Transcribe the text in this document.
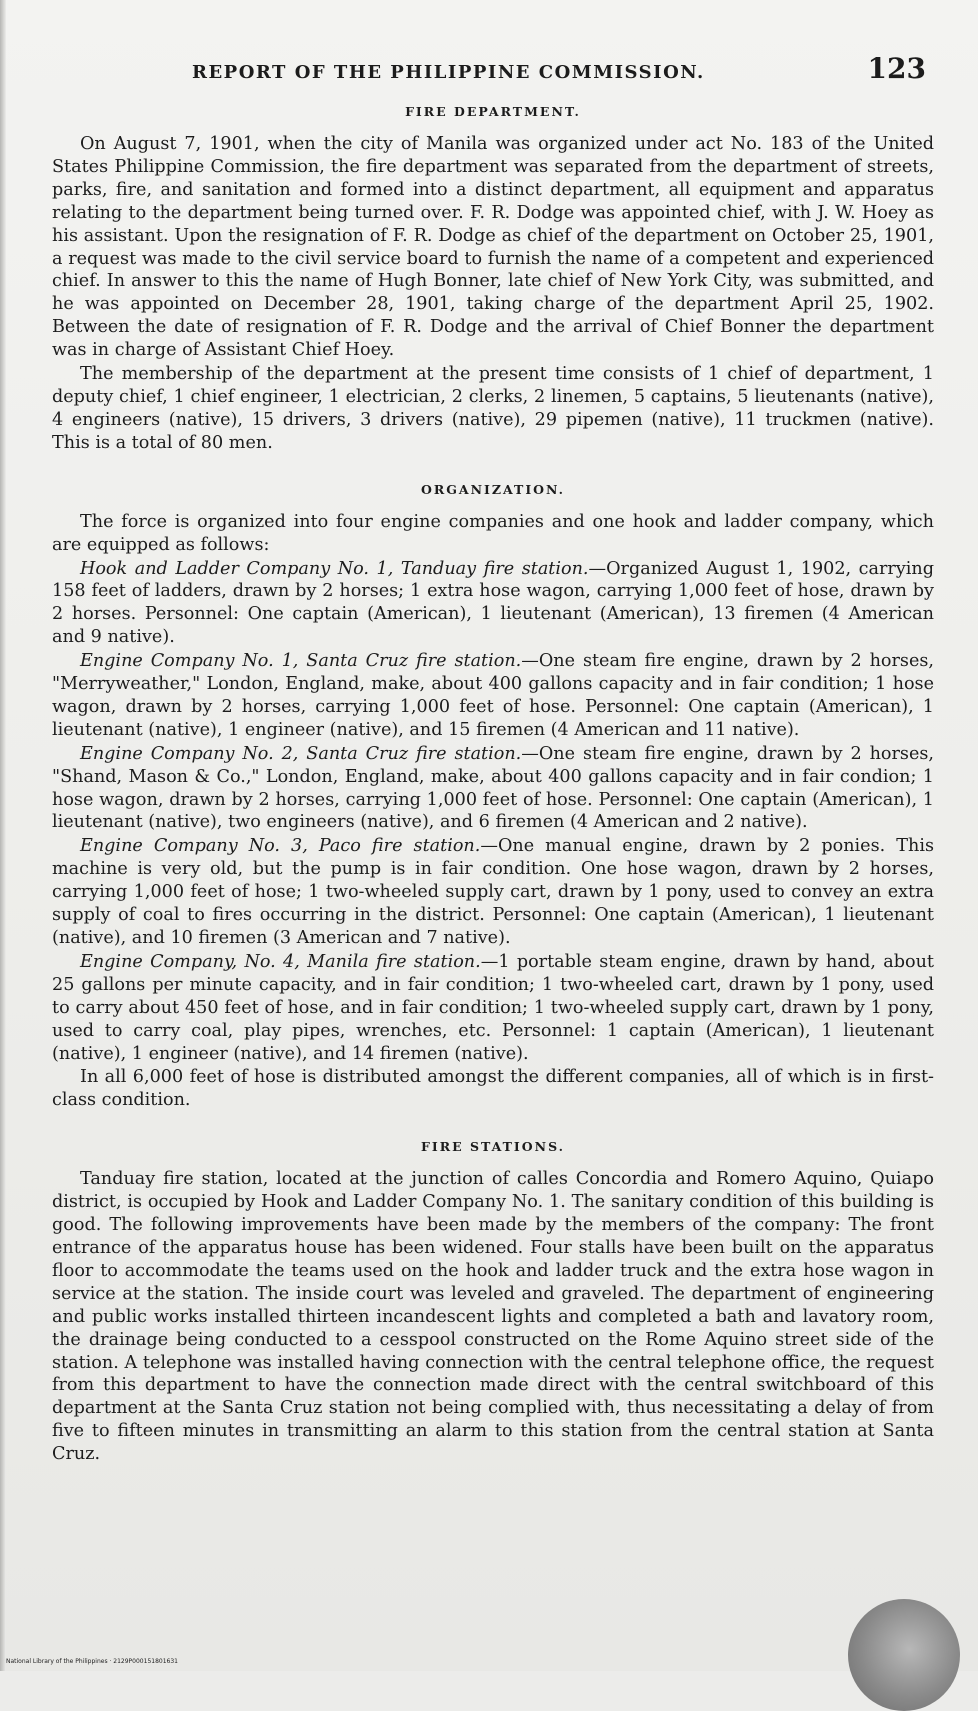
REPORT OF THE PHILIPPINE COMMISSION.	123
FIRE DEPARTMENT.

On August 7, 1901, when the city of Manila was organized under act No. 183 of the United States Philippine Commission, the fire department was separated from the department of streets, parks, fire, and sanitation and formed into a distinct department, all equipment and apparatus relating to the department being turned over. F. R. Dodge was appointed chief, with J. W. Hoey as his assistant. Upon the resignation of F. R. Dodge as chief of the department on October 25, 1901, a request was made to the civil service board to furnish the name of a competent and experienced chief. In answer to this the name of Hugh Bonner, late chief of New York City, was submitted, and he was appointed on December 28, 1901, taking charge of the department April 25, 1902. Between the date of resignation of F. R. Dodge and the arrival of Chief Bonner the department was in charge of Assistant Chief Hoey.

The membership of the department at the present time consists of 1 chief of department, 1 deputy chief, 1 chief engineer, 1 electrician, 2 clerks, 2 linemen, 5 captains, 5 lieutenants (native), 4 engineers (native), 15 drivers, 3 drivers (native), 29 pipemen (native), 11 truckmen (native). This is a total of 80 men.

ORGANIZATION.

The force is organized into four engine companies and one hook and ladder company, which are equipped as follows:

Hook and Ladder Company No. 1, Tanduay fire station.—Organized August 1, 1902, carrying 158 feet of ladders, drawn by 2 horses; 1 extra hose wagon, carrying 1,000 feet of hose, drawn by 2 horses. Personnel: One captain (American), 1 lieutenant (American), 13 firemen (4 American and 9 native).

Engine Company No. 1, Santa Cruz fire station.—One steam fire engine, drawn by 2 horses, "Merryweather," London, England, make, about 400 gallons capacity and in fair condition; 1 hose wagon, drawn by 2 horses, carrying 1,000 feet of hose. Personnel: One captain (American), 1 lieutenant (native), 1 engineer (native), and 15 firemen (4 American and 11 native).

Engine Company No. 2, Santa Cruz fire station.—One steam fire engine, drawn by 2 horses, "Shand, Mason & Co.," London, England, make, about 400 gallons capacity and in fair condion; 1 hose wagon, drawn by 2 horses, carrying 1,000 feet of hose. Personnel: One captain (American), 1 lieutenant (native), two engineers (native), and 6 firemen (4 American and 2 native).

Engine Company No. 3, Paco fire station.—One manual engine, drawn by 2 ponies. This machine is very old, but the pump is in fair condition. One hose wagon, drawn by 2 horses, carrying 1,000 feet of hose; 1 two-wheeled supply cart, drawn by 1 pony, used to convey an extra supply of coal to fires occurring in the district. Personnel: One captain (American), 1 lieutenant (native), and 10 firemen (3 American and 7 native).

Engine Company, No. 4, Manila fire station.—1 portable steam engine, drawn by hand, about 25 gallons per minute capacity, and in fair condition; 1 two-wheeled cart, drawn by 1 pony, used to carry about 450 feet of hose, and in fair condition; 1 two-wheeled supply cart, drawn by 1 pony, used to carry coal, play pipes, wrenches, etc. Personnel: 1 captain (American), 1 lieutenant (native), 1 engineer (native), and 14 firemen (native).

In all 6,000 feet of hose is distributed amongst the different companies, all of which is in first-class condition.

FIRE STATIONS.

Tanduay fire station, located at the junction of calles Concordia and Romero Aquino, Quiapo district, is occupied by Hook and Ladder Company No. 1. The sanitary condition of this building is good. The following improvements have been made by the members of the company: The front entrance of the apparatus house has been widened. Four stalls have been built on the apparatus floor to accommodate the teams used on the hook and ladder truck and the extra hose wagon in service at the station. The inside court was leveled and graveled. The department of engineering and public works installed thirteen incandescent lights and completed a bath and lavatory room, the drainage being conducted to a cesspool constructed on the Rome Aquino street side of the station. A telephone was installed having connection with the central telephone office, the request from this department to have the connection made direct with the central switchboard of this department at the Santa Cruz station not being complied with, thus necessitating a delay of from five to fifteen minutes in transmitting an alarm to this station from the central station at Santa Cruz.

National Library of the Philippines · 2129P000151801631
